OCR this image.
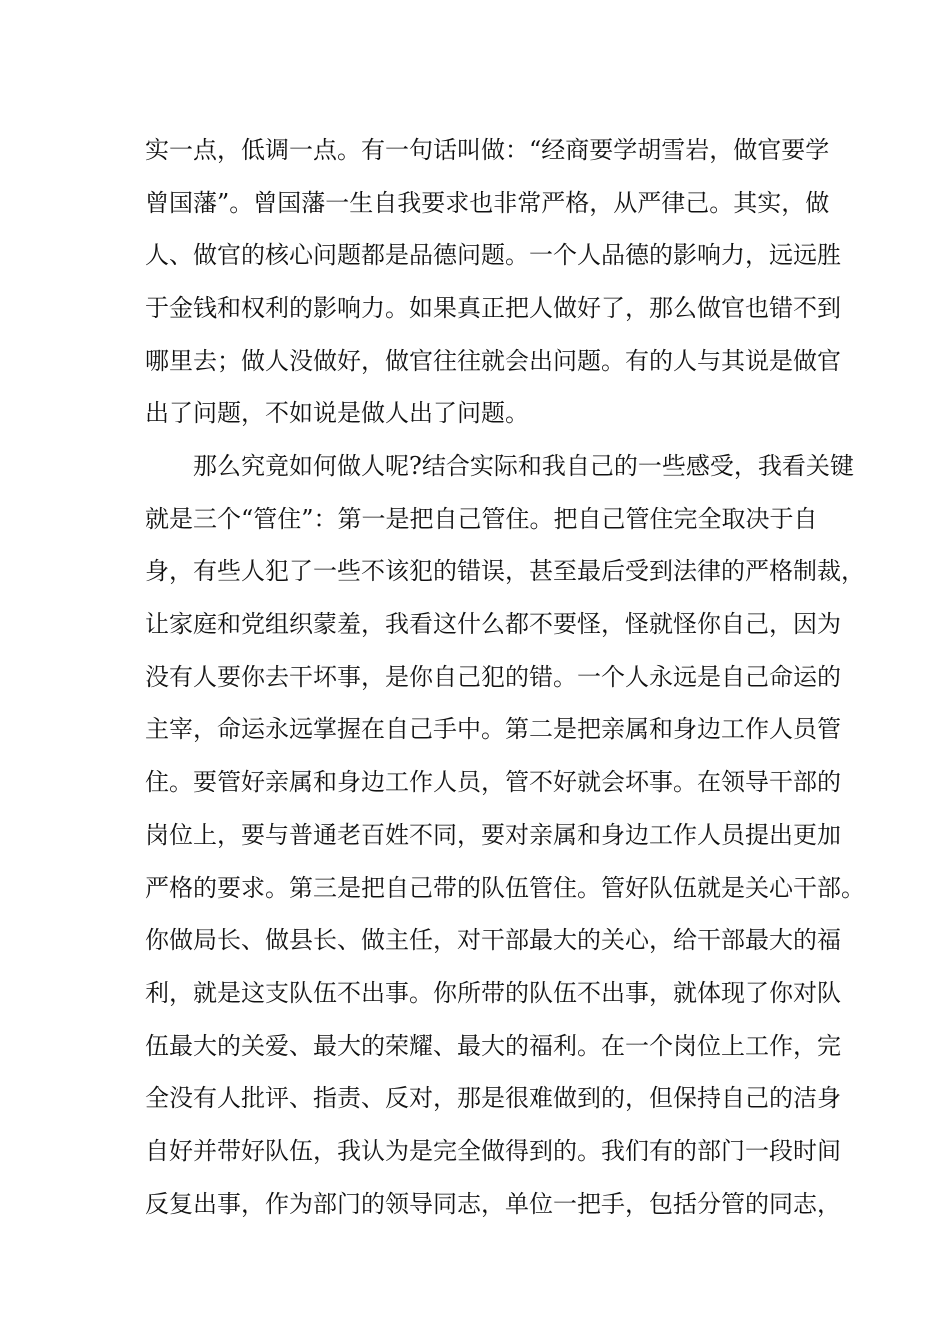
实一点，低调一点。有一句话叫做：“经商要学胡雪岩，做官要学
曾国藩”。曾国藩一生自我要求也非常严格，从严律己。其实，做
人、做官的核心问题都是品德问题。一个人品德的影响力，远远胜
于金钱和权利的影响力。如果真正把人做好了，那么做官也错不到
哪里去；做人没做好，做官往往就会出问题。有的人与其说是做官
出了问题，不如说是做人出了问题。
那么究竟如何做人呢?结合实际和我自己的一些感受，我看关键
就是三个“管住”：第一是把自己管住。把自己管住完全取决于自
身，有些人犯了一些不该犯的错误，甚至最后受到法律的严格制裁，
让家庭和党组织蒙羞，我看这什么都不要怪，怪就怪你自己，因为
没有人要你去干坏事，是你自己犯的错。一个人永远是自己命运的
主宰，命运永远掌握在自己手中。第二是把亲属和身边工作人员管
住。要管好亲属和身边工作人员，管不好就会坏事。在领导干部的
岗位上，要与普通老百姓不同，要对亲属和身边工作人员提出更加
严格的要求。第三是把自己带的队伍管住。管好队伍就是关心干部。
你做局长、做县长、做主任，对干部最大的关心，给干部最大的福
利，就是这支队伍不出事。你所带的队伍不出事，就体现了你对队
伍最大的关爱、最大的荣耀、最大的福利。在一个岗位上工作，完
全没有人批评、指责、反对，那是很难做到的，但保持自己的洁身
自好并带好队伍，我认为是完全做得到的。我们有的部门一段时间
反复出事，作为部门的领导同志，单位一把手，包括分管的同志，
